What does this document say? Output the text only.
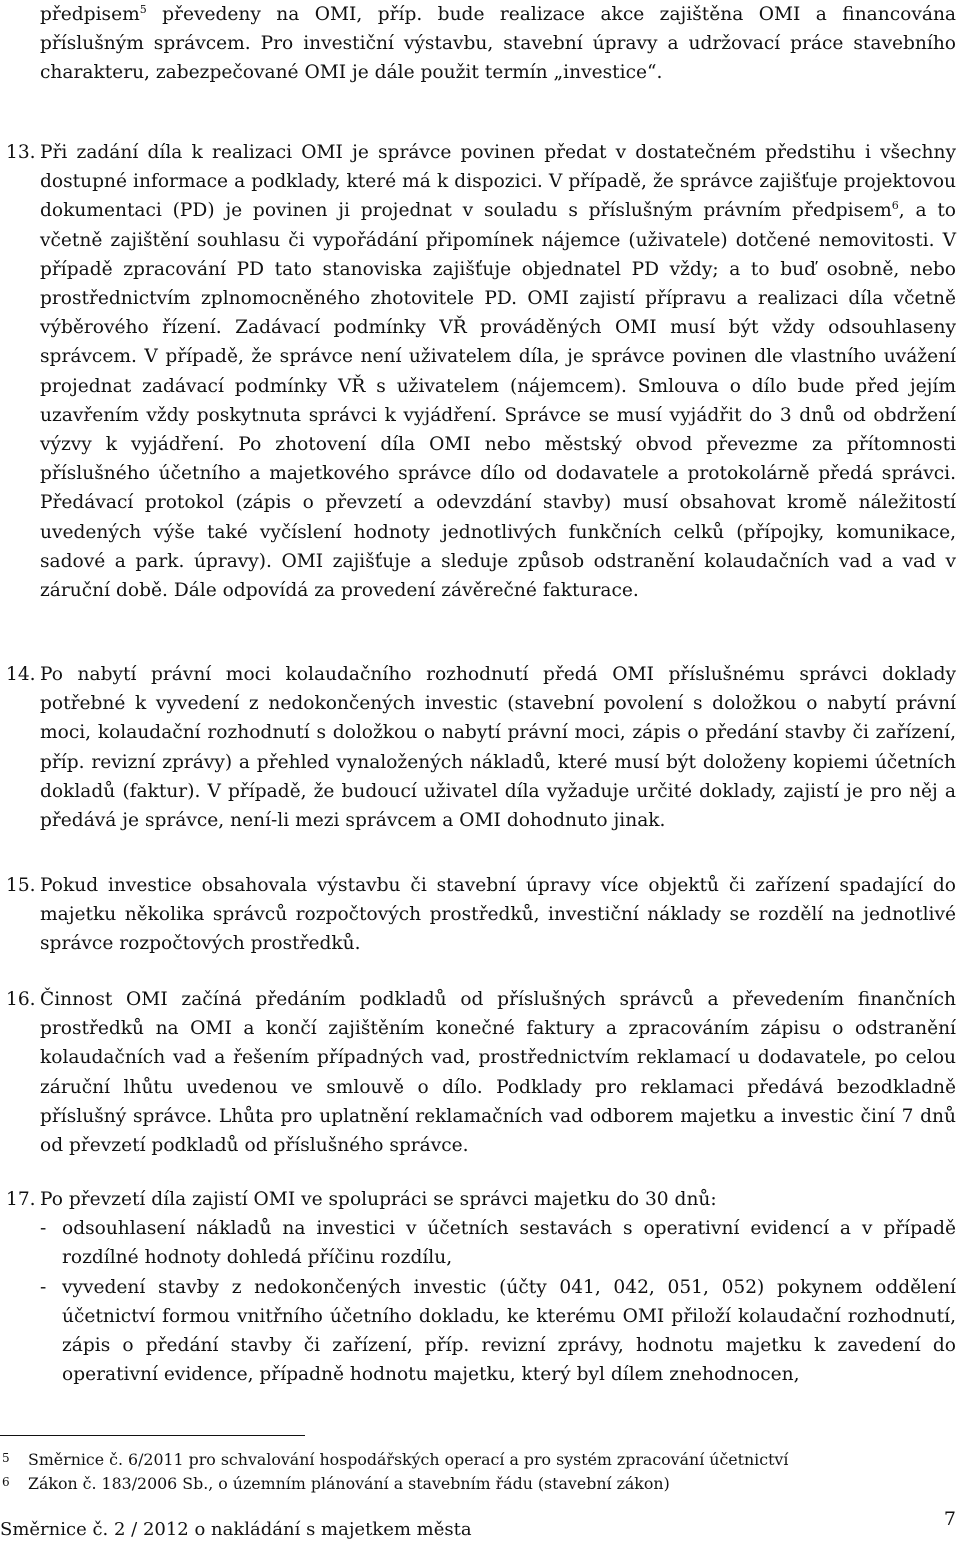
předpisem$^5$ převedeny na OMI, příp. bude realizace akce zajištěna OMI a financována příslušným správcem. Pro investiční výstavbu, stavební úpravy a udržovací práce stavebního charakteru, zabezpečované OMI je dále použit termín „investice“.

13. Při zadání díla k realizaci OMI je správce povinen předat v dostatečném předstihu i všechny dostupné informace a podklady, které má k dispozici. V případě, že správce zajišťuje projektovou dokumentaci (PD) je povinen ji projednat v souladu s příslušným právním předpisem$^6$, a to včetně zajištění souhlasu či vypořádání připomínek nájemce (uživatele) dotčené nemovitosti. V případě zpracování PD tato stanoviska zajišťuje objednatel PD vždy; a to buď osobně, nebo prostřednictvím zplnomocněného zhotovitele PD. OMI zajistí přípravu a realizaci díla včetně výběrového řízení. Zadávací podmínky VŘ prováděných OMI musí být vždy odsouhlaseny správcem. V případě, že správce není uživatelem díla, je správce povinen dle vlastního uvážení projednat zadávací podmínky VŘ s uživatelem (nájemcem). Smlouva o dílo bude před jejím uzavřením vždy poskytnuta správci k vyjádření. Správce se musí vyjádřit do 3 dnů od obdržení výzvy k vyjádření. Po zhotovení díla OMI nebo městský obvod převezme za přítomnosti příslušného účetního a majetkového správce dílo od dodavatele a protokolárně předá správci. Předávací protokol (zápis o převzetí a odevzdání stavby) musí obsahovat kromě náležitostí uvedených výše také vyčíslení hodnoty jednotlivých funkčních celků (přípojky, komunikace, sadové a park. úpravy). OMI zajišťuje a sleduje způsob odstranění kolaudačních vad a vad v záruční době. Dále odpovídá za provedení závěrečné fakturace.

14. Po nabytí právní moci kolaudačního rozhodnutí předá OMI příslušnému správci doklady potřebné k vyvedení z nedokončených investic (stavební povolení s doložkou o nabytí právní moci, kolaudační rozhodnutí s doložkou o nabytí právní moci, zápis o předání stavby či zařízení, příp. revizní zprávy) a přehled vynaložených nákladů, které musí být doloženy kopiemi účetních dokladů (faktur). V případě, že budoucí uživatel díla vyžaduje určité doklady, zajistí je pro něj a předává je správce, není-li mezi správcem a OMI dohodnuto jinak.

15. Pokud investice obsahovala výstavbu či stavební úpravy více objektů či zařízení spadající do majetku několika správců rozpočtových prostředků, investiční náklady se rozdělí na jednotlivé správce rozpočtových prostředků.

16. Činnost OMI začíná předáním podkladů od příslušných správců a převedením finančních prostředků na OMI a končí zajištěním konečné faktury a zpracováním zápisu o odstranění kolaudačních vad a řešením případných vad, prostřednictvím reklamací u dodavatele, po celou záruční lhůtu uvedenou ve smlouvě o dílo. Podklady pro reklamaci předává bezodkladně příslušný správce. Lhůta pro uplatnění reklamačních vad odborem majetku a investic činí 7 dnů od převzetí podkladů od příslušného správce.

17. Po převzetí díla zajistí OMI ve spolupráci se správci majetku do 30 dnů:

- odsouhlasení nákladů na investici v účetních sestavách s operativní evidencí a v případě rozdílné hodnoty dohledá příčinu rozdílu,

- vyvedení stavby z nedokončených investic (účty 041, 042, 051, 052) pokynem oddělení účetnictví formou vnitřního účetního dokladu, ke kterému OMI přiloží kolaudační rozhodnutí, zápis o předání stavby či zařízení, příp. revizní zprávy, hodnotu majetku k zavedení do operativní evidence, případně hodnotu majetku, který byl dílem znehodnocen,

5 Směrnice č. 6/2011 pro schvalování hospodářských operací a pro systém zpracování účetnictví

6 Zákon č. 183/2006 Sb., o územním plánování a stavebním řádu (stavební zákon)

Směrnice č. 2 / 2012 o nakládání s majetkem města	7
